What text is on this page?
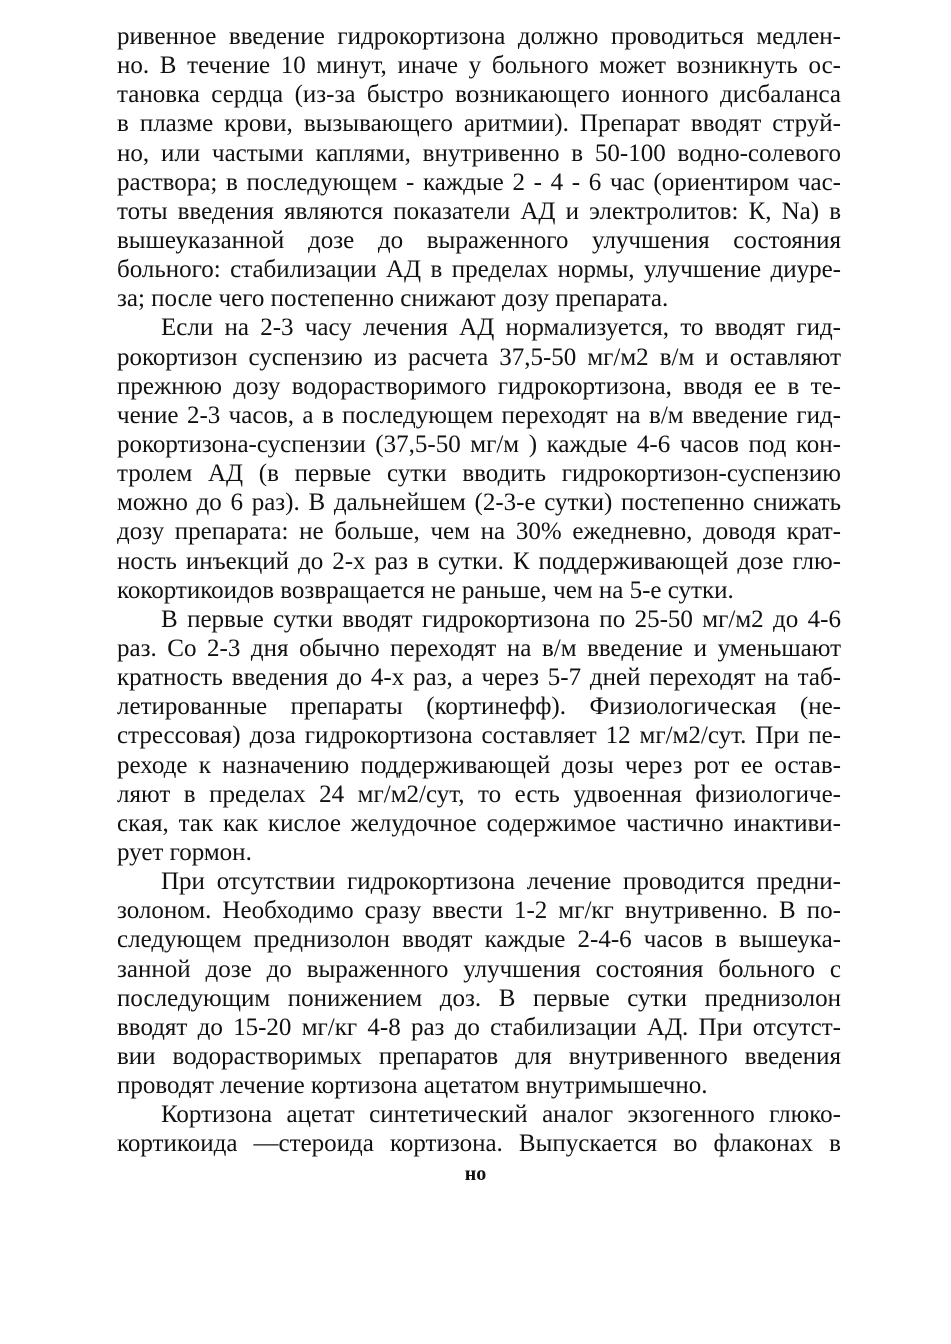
ривенное введение гидрокортизона должно проводиться медлен-
но. В течение 10 минут, иначе у больного может возникнуть ос-
тановка сердца (из-за быстро возникающего ионного дисбаланса
в плазме крови, вызывающего аритмии). Препарат вводят струй-
но, или частыми каплями, внутривенно в 50-100 водно-солевого
раствора; в последующем - каждые 2 - 4 - 6 час (ориентиром час-
тоты введения являются показатели АД и электролитов: К, Na) в
вышеуказанной дозе до выраженного улучшения состояния
больного: стабилизации АД в пределах нормы, улучшение диуре-
за; после чего постепенно снижают дозу препарата.
Если на 2-3 часу лечения АД нормализуется, то вводят гид-
рокортизон суспензию из расчета 37,5-50 мг/м2 в/м и оставляют
прежнюю дозу водорастворимого гидрокортизона, вводя ее в те-
чение 2-3 часов, а в последующем переходят на в/м введение гид-
рокортизона-суспензии (37,5-50 мг/м ) каждые 4-6 часов под кон-
тролем АД (в первые сутки вводить гидрокортизон-суспензию
можно до 6 раз). В дальнейшем (2-3-е сутки) постепенно снижать
дозу препарата: не больше, чем на 30% ежедневно, доводя крат-
ность инъекций до 2-х раз в сутки. К поддерживающей дозе глю-
кокортикоидов возвращается не раньше, чем на 5-е сутки.
В первые сутки вводят гидрокортизона по 25-50 мг/м2 до 4-6
раз. Со 2-3 дня обычно переходят на в/м введение и уменьшают
кратность введения до 4-х раз, а через 5-7 дней переходят на таб-
летированные препараты (кортинефф). Физиологическая (не-
стрессовая) доза гидрокортизона составляет 12 мг/м2/сут. При пе-
реходе к назначению поддерживающей дозы через рот ее остав-
ляют в пределах 24 мг/м2/сут, то есть удвоенная физиологиче-
ская, так как кислое желудочное содержимое частично инактиви-
рует гормон.
При отсутствии гидрокортизона лечение проводится предни-
золоном. Необходимо сразу ввести 1-2 мг/кг внутривенно. В по-
следующем преднизолон вводят каждые 2-4-6 часов в вышеука-
занной дозе до выраженного улучшения состояния больного с
последующим понижением доз. В первые сутки преднизолон
вводят до 15-20 мг/кг 4-8 раз до стабилизации АД. При отсутст-
вии водорастворимых препаратов для внутривенного введения
проводят лечение кортизона ацетатом внутримышечно.
Кортизона ацетат синтетический аналог экзогенного глюко-
кортикоида —стероида кортизона. Выпускается во флаконах в
но
